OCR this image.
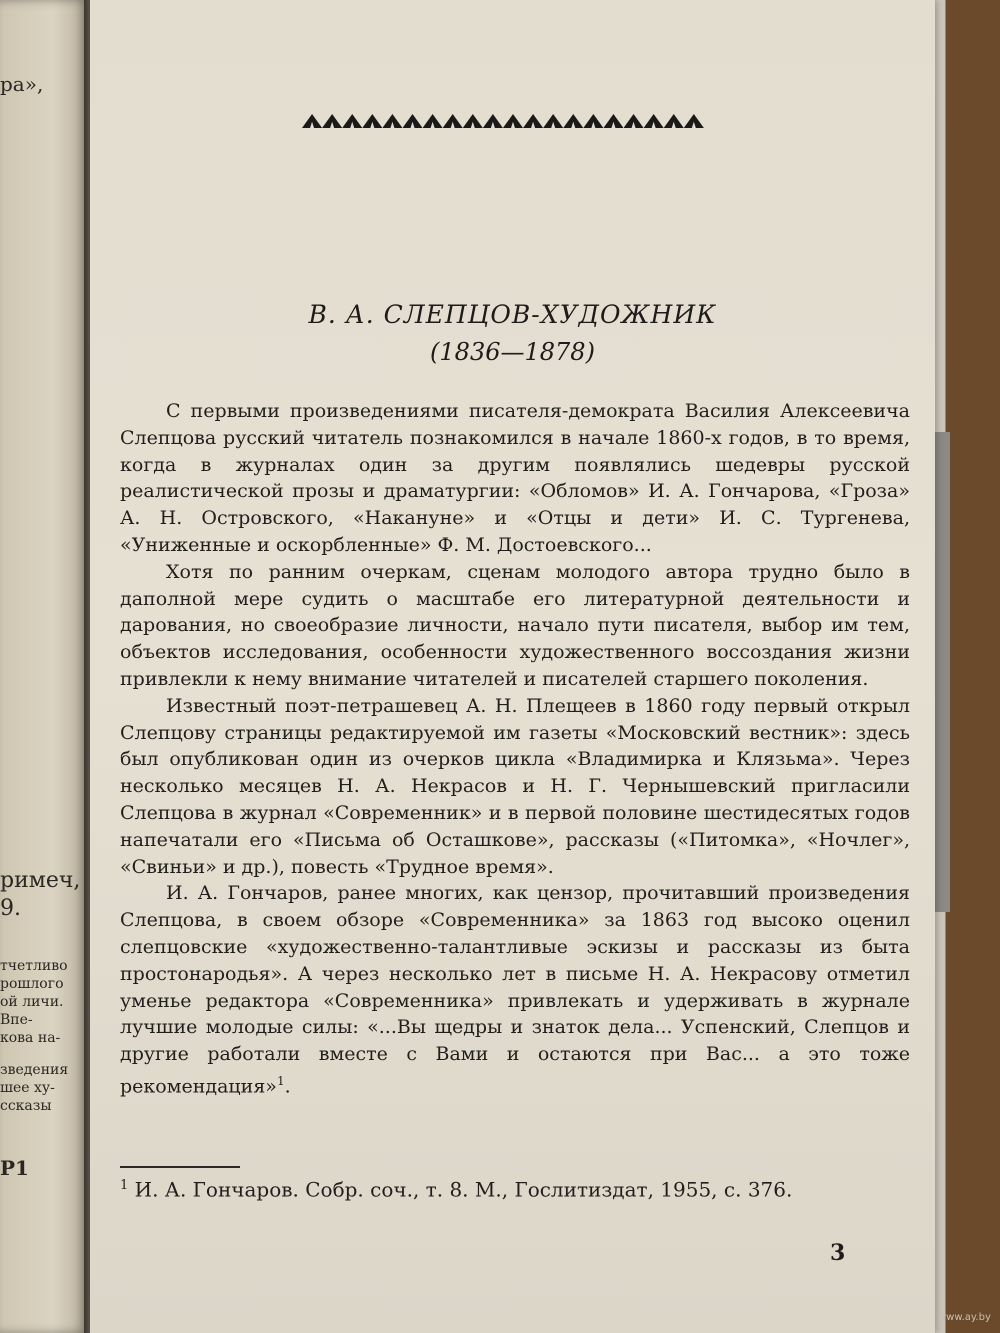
ра»,
римеч,
9.
тчетливо
рошлого
ой личи.
Впе-
кова на-
зведения
шее ху-
ссказы
Р1
В. А. СЛЕПЦОВ-ХУДОЖНИК
(1836—1878)

С первыми произведениями писателя-демократа Василия Алексеевича Слепцова русский читатель познакомился в начале 1860-х годов, в то время, когда в журналах один за другим появлялись шедевры русской реалистической прозы и драматургии: «Обломов» И. А. Гончарова, «Гроза» А. Н. Островского, «Накануне» и «Отцы и дети» И. С. Тургенева, «Униженные и оскорбленные» Ф. М. Достоевского...

Хотя по ранним очеркам, сценам молодого автора трудно было в дaполной мере судить о масштабе его литературной деятельности и дарования, но своеобразие личности, начало пути писателя, выбор им тем, объектов исследования, особенности художественного воссоздания жизни привлекли к нему внимание читателей и писателей старшего поколения.

Известный поэт-петрашевец А. Н. Плещеев в 1860 году первый открыл Слепцову страницы редактируемой им газеты «Московский вестник»: здесь был опубликован один из очерков цикла «Владимирка и Клязьма». Через несколько месяцев Н. А. Некрасов и Н. Г. Чернышевский пригласили Слепцова в журнал «Современник» и в первой половине шестидесятых годов напечатали его «Письма об Осташкове», рассказы («Питомка», «Ночлег», «Свиньи» и др.), повесть «Трудное время».

И. А. Гончаров, ранее многих, как цензор, прочитавший произведения Слепцова, в своем обзоре «Современника» за 1863 год высоко оценил слепцовские «художественно-талантливые эскизы и рассказы из быта простонародья». А через несколько лет в письме Н. А. Некрасову отметил уменье редактора «Современника» привлекать и удерживать в журнале лучшие молодые силы: «...Вы щедры и знаток дела... Успенский, Слепцов и другие работали вместе с Вами и остаются при Вас... а это тоже рекомендация»$^1$.

$^1$ И. А. Гончаров. Собр. соч., т. 8. М., Гослитиздат, 1955, с. 376.
3
www.ay.by
